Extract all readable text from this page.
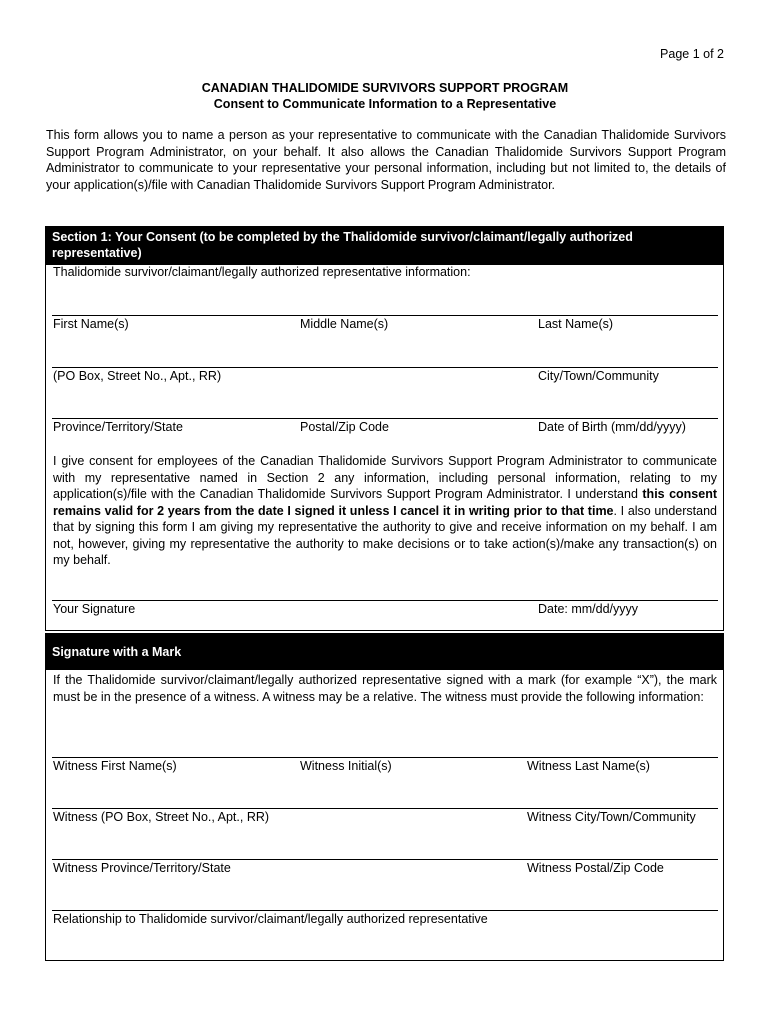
Page 1 of 2
CANADIAN THALIDOMIDE SURVIVORS SUPPORT PROGRAM
Consent to Communicate Information to a Representative
This form allows you to name a person as your representative to communicate with the Canadian Thalidomide Survivors Support Program Administrator, on your behalf. It also allows the Canadian Thalidomide Survivors Support Program Administrator to communicate to your representative your personal information, including but not limited to, the details of your application(s)/file with Canadian Thalidomide Survivors Support Program Administrator.
Section 1: Your Consent (to be completed by the Thalidomide survivor/claimant/legally authorized representative)
Thalidomide survivor/claimant/legally authorized representative information:
First Name(s)	Middle Name(s)	Last Name(s)
(PO Box, Street No., Apt., RR)	City/Town/Community
Province/Territory/State	Postal/Zip Code	Date of Birth (mm/dd/yyyy)
I give consent for employees of the Canadian Thalidomide Survivors Support Program Administrator to communicate with my representative named in Section 2 any information, including personal information, relating to my application(s)/file with the Canadian Thalidomide Survivors Support Program Administrator. I understand this consent remains valid for 2 years from the date I signed it unless I cancel it in writing prior to that time. I also understand that by signing this form I am giving my representative the authority to give and receive information on my behalf. I am not, however, giving my representative the authority to make decisions or to take action(s)/make any transaction(s) on my behalf.
Your Signature	Date: mm/dd/yyyy
Signature with a Mark
If the Thalidomide survivor/claimant/legally authorized representative signed with a mark (for example “X”), the mark must be in the presence of a witness. A witness may be a relative. The witness must provide the following information:
Witness First Name(s)	Witness Initial(s)	Witness Last Name(s)
Witness (PO Box, Street No., Apt., RR)	Witness City/Town/Community
Witness Province/Territory/State	Witness Postal/Zip Code
Relationship to Thalidomide survivor/claimant/legally authorized representative
